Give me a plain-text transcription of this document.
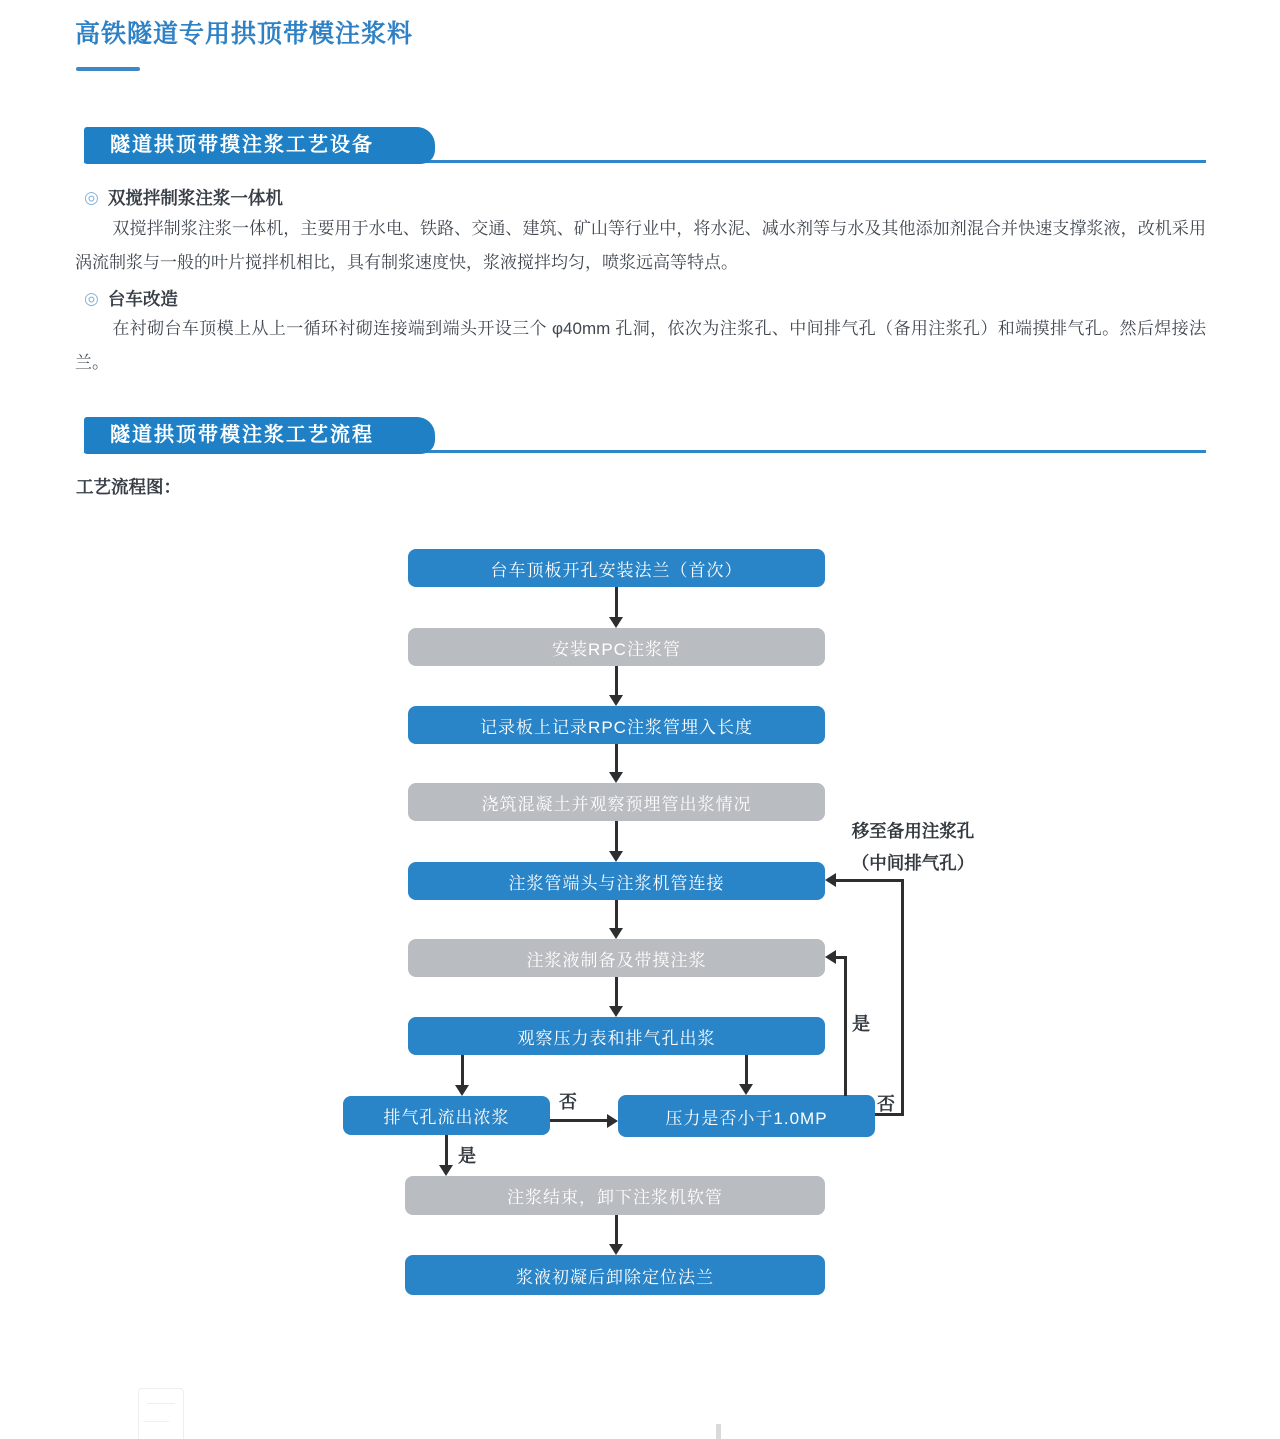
高铁隧道专用拱顶带模注浆料
隧道拱顶带摸注浆工艺设备
◎ 双搅拌制浆注浆一体机
双搅拌制浆注浆一体机，主要用于水电、铁路、交通、建筑、矿山等行业中，将水泥、减水剂等与水及其他添加剂混合并快速支撑浆液，改机采用涡流制浆与一般的叶片搅拌机相比，具有制浆速度快，浆液搅拌均匀，喷浆远高等特点。
◎ 台车改造
在衬砌台车顶模上从上一循环衬砌连接端到端头开设三个 φ40mm 孔洞，依次为注浆孔、中间排气孔（备用注浆孔）和端摸排气孔。然后焊接法兰。
隧道拱顶带模注浆工艺流程
工艺流程图：
台车顶板开孔安装法兰（首次）
安装RPC注浆管
记录板上记录RPC注浆管埋入长度
浇筑混凝土并观察预埋管出浆情况
注浆管端头与注浆机管连接
注浆液制备及带摸注浆
观察压力表和排气孔出浆
排气孔流出浓浆	压力是否小于1.0MP
注浆结束，卸下注浆机软管
浆液初凝后卸除定位法兰
是
否
是
否
移至备用注浆孔
（中间排气孔）
